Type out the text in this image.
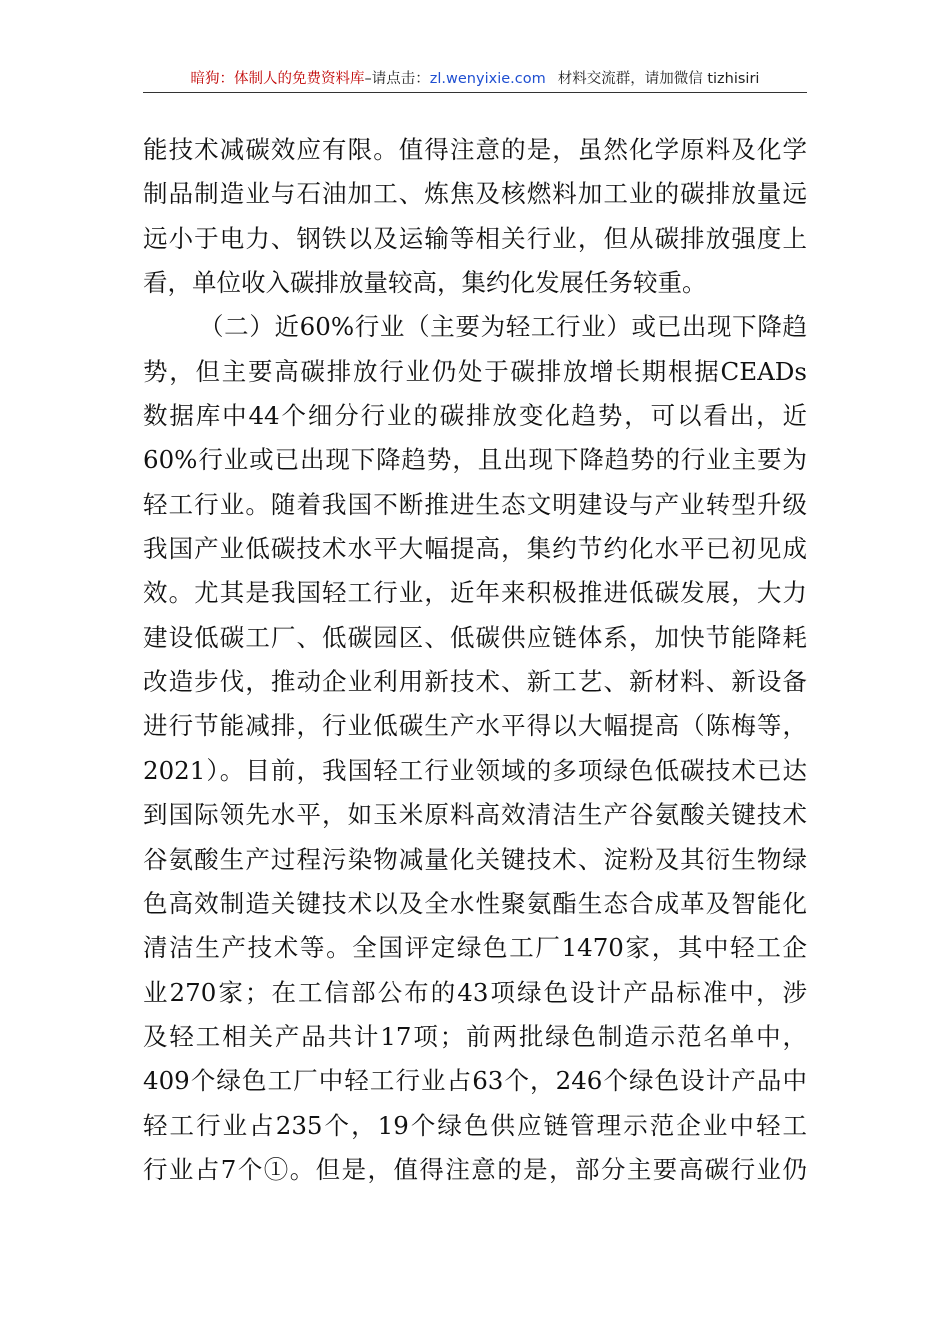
暗狗：体制人的免费资料库–请点击：zl.wenyixie.com 材料交流群，请加微信 tizhisiri
能技术减碳效应有限。值得注意的是，虽然化学原料及化学
制品制造业与石油加工、炼焦及核燃料加工业的碳排放量远
远小于电力、钢铁以及运输等相关行业，但从碳排放强度上
看，单位收入碳排放量较高，集约化发展任务较重。
（二）近60%行业（主要为轻工行业）或已出现下降趋
势，但主要高碳排放行业仍处于碳排放增长期根据CEADs
数据库中44个细分行业的碳排放变化趋势，可以看出，近
60%行业或已出现下降趋势，且出现下降趋势的行业主要为
轻工行业。随着我国不断推进生态文明建设与产业转型升级
我国产业低碳技术水平大幅提高，集约节约化水平已初见成
效。尤其是我国轻工行业，近年来积极推进低碳发展，大力
建设低碳工厂、低碳园区、低碳供应链体系，加快节能降耗
改造步伐，推动企业利用新技术、新工艺、新材料、新设备
进行节能减排，行业低碳生产水平得以大幅提高（陈梅等，
2021）。目前，我国轻工行业领域的多项绿色低碳技术已达
到国际领先水平，如玉米原料高效清洁生产谷氨酸关键技术
谷氨酸生产过程污染物减量化关键技术、淀粉及其衍生物绿
色高效制造关键技术以及全水性聚氨酯生态合成革及智能化
清洁生产技术等。全国评定绿色工厂1470家，其中轻工企
业270家；在工信部公布的43项绿色设计产品标准中，涉
及轻工相关产品共计17项；前两批绿色制造示范名单中，
409个绿色工厂中轻工行业占63个，246个绿色设计产品中
轻工行业占235个，19个绿色供应链管理示范企业中轻工
行业占7个①。但是，值得注意的是，部分主要高碳行业仍
